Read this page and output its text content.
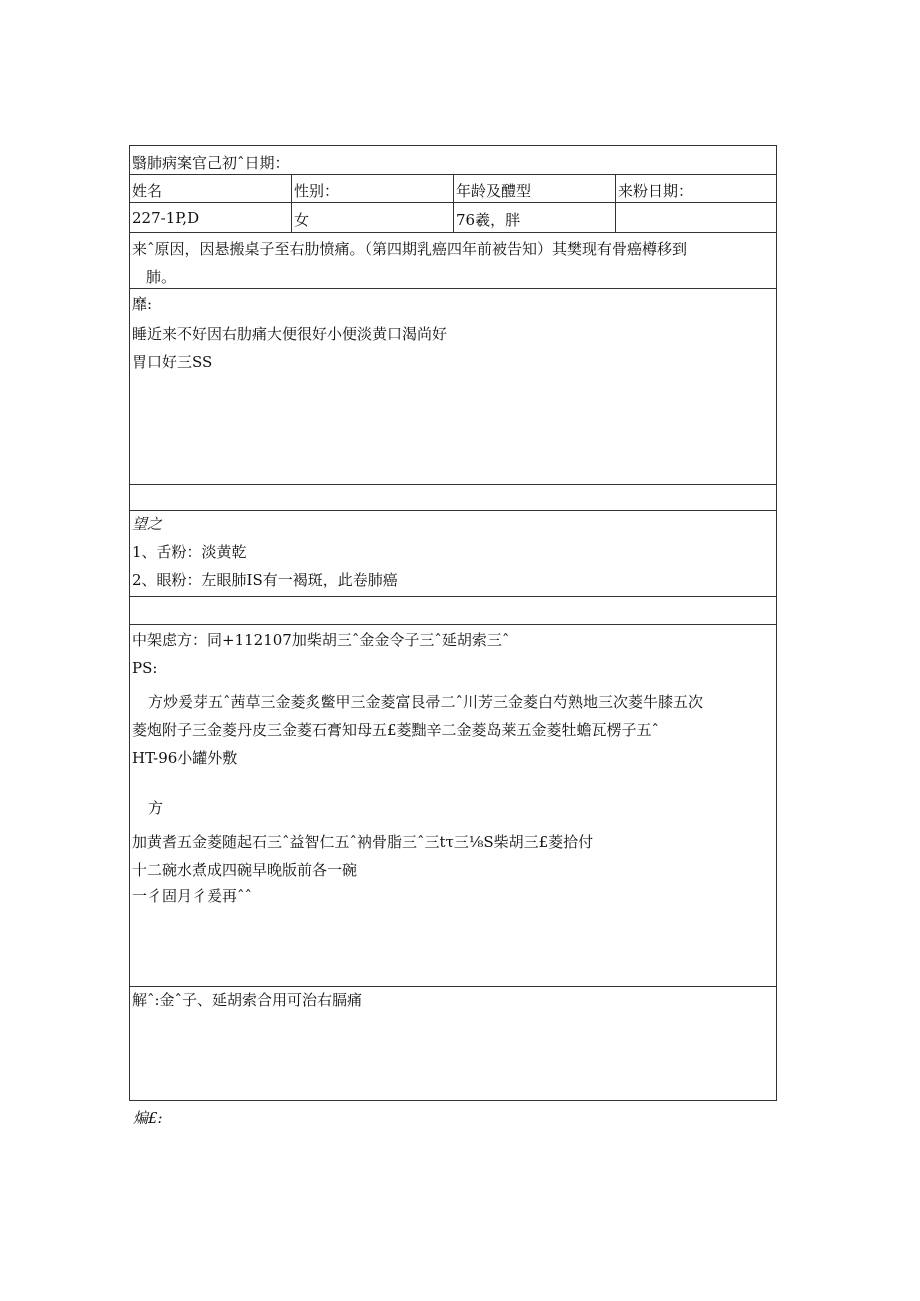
翳肺病案官己初ˆ日期：
姓名	性别：	年龄及醴型	来粉日期：
227-1P,D	女	76羲，胖
来ˆ原因，因悬搬桌子至右肋愤痛。（第四期乳癌四年前被告知）其樊现有骨癌樽移到
肺。
靡:
睡近来不好因右肋痛大便很好小便淡黄口渴尚好
胃口好三SS
望之
1、舌粉：淡黄乾
2、眼粉：左眼肺IS有一褐斑，此卷肺癌
中架虑方：同+112107加柴胡三ˆ金金令子三ˆ延胡索三ˆ
PS:
方炒爰芽五ˆ茜草三金菱炙鳖甲三金菱富艮帚二ˆ川芳三金菱白芍熟地三次菱牛膝五次
菱炮附子三金菱丹皮三金菱石膏知母五£菱黜辛二金菱岛莱五金菱牡蟾瓦楞子五ˆ
HT-96小罐外敷
方
加黄耆五金菱随起石三ˆ益智仁五ˆ衲骨脂三ˆ三tτ三⅛S柴胡三£菱拾付
十二碗水煮成四碗早晚版前各一碗
一彳固月彳爰再ˆˆ
解ˆ:金ˆ子、延胡索合用可治右膈痛
煸£:
